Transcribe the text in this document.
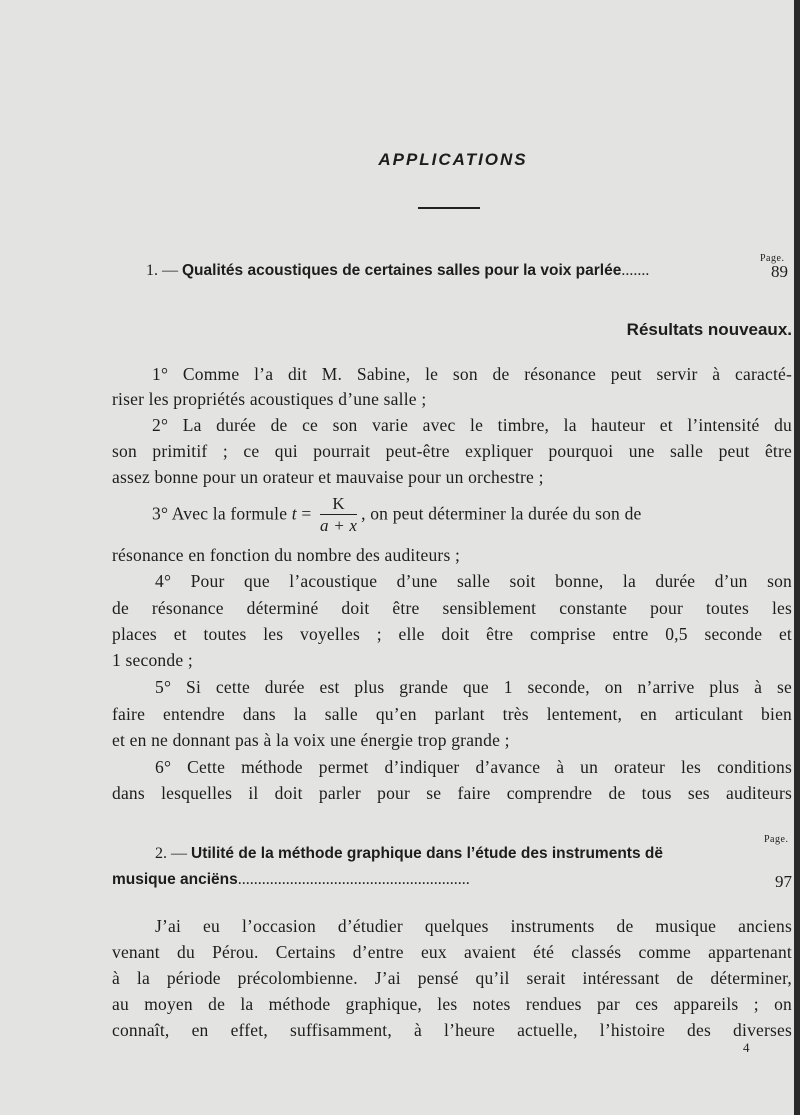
APPLICATIONS
Page.
1. — Qualités acoustiques de certaines salles pour la voix parlée.......	89
Résultats nouveaux.
1° Comme l’a dit M. Sabine, le son de résonance peut servir à caracté-
riser les propriétés acoustiques d’une salle ;
2° La durée de ce son varie avec le timbre, la hauteur et l’intensité du
son primitif ; ce qui pourrait peut-être expliquer pourquoi une salle peut être
assez bonne pour un orateur et mauvaise pour un orchestre ;
3° Avec la formule $t = \frac{K}{a + x}$ , on peut déterminer la durée du son de
résonance en fonction du nombre des auditeurs ;
4° Pour que l’acoustique d’une salle soit bonne, la durée d’un son
de résonance déterminé doit être sensiblement constante pour toutes les
places et toutes les voyelles ; elle doit être comprise entre 0,5 seconde et
1 seconde ;
5° Si cette durée est plus grande que 1 seconde, on n’arrive plus à se
faire entendre dans la salle qu’en parlant très lentement, en articulant bien
et en ne donnant pas à la voix une énergie trop grande ;
6° Cette méthode permet d’indiquer d’avance à un orateur les conditions
dans lesquelles il doit parler pour se faire comprendre de tous ses auditeurs
Page.
2. — Utilité de la méthode graphique dans l’étude des instruments dë
musique anciëns..........................................................	97
J’ai eu l’occasion d’étudier quelques instruments de musique anciens
venant du Pérou. Certains d’entre eux avaient été classés comme appartenant
à la période précolombienne. J’ai pensé qu’il serait intéressant de déterminer,
au moyen de la méthode graphique, les notes rendues par ces appareils ; on
connaît, en effet, suffisamment, à l’heure actuelle, l’histoire des diverses
4
